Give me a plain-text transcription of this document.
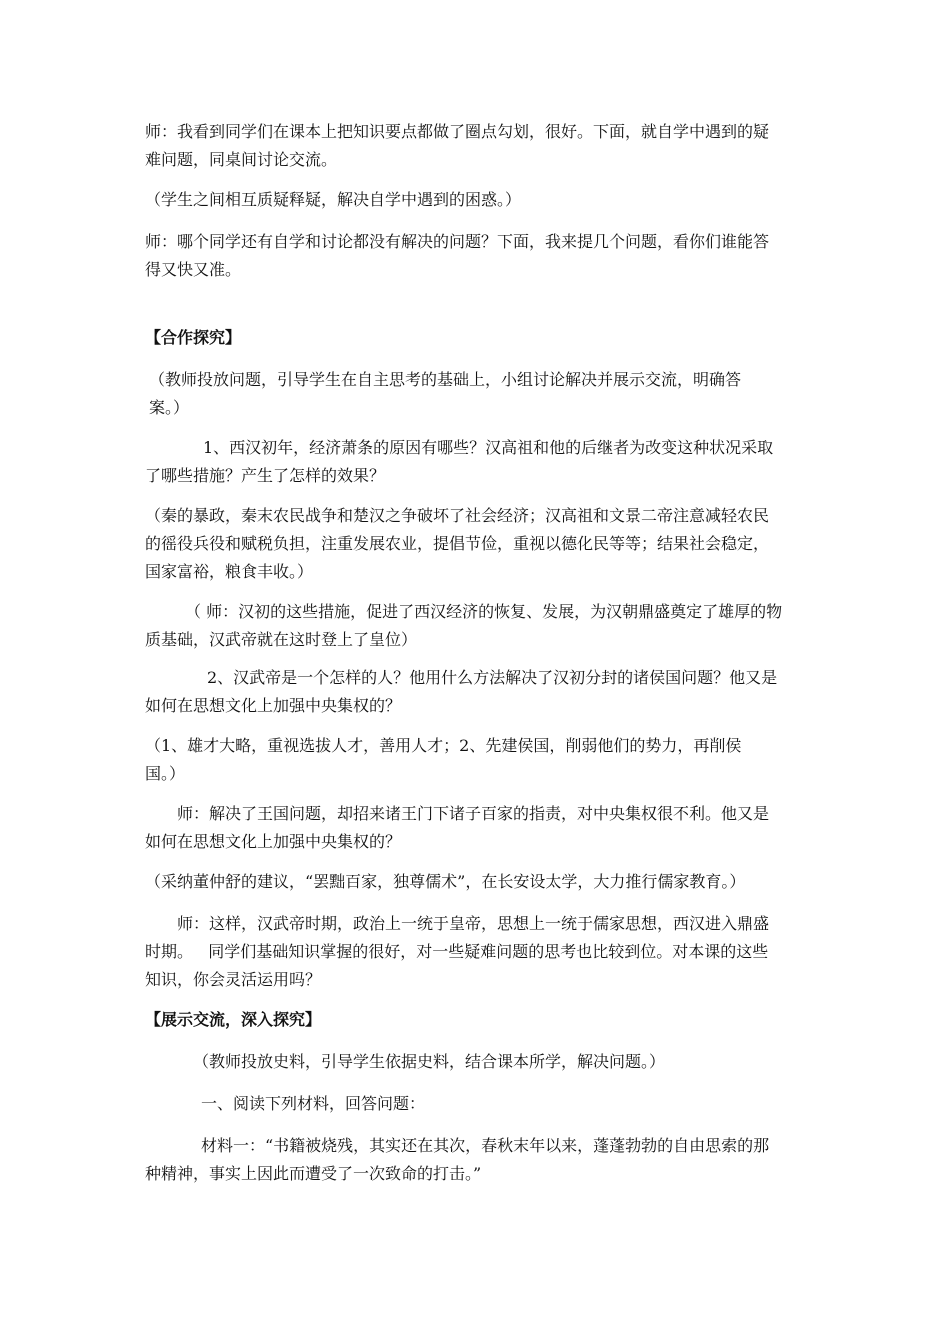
师：我看到同学们在课本上把知识要点都做了圈点勾划，很好。下面，就自学中遇到的疑
难问题，同桌间讨论交流。
（学生之间相互质疑释疑，解决自学中遇到的困惑。）
师：哪个同学还有自学和讨论都没有解决的问题？下面，我来提几个问题，看你们谁能答
得又快又准。
【合作探究】
（教师投放问题，引导学生在自主思考的基础上，小组讨论解决并展示交流，明确答
案。）
1、西汉初年，经济萧条的原因有哪些？汉高祖和他的后继者为改变这种状况采取
了哪些措施？产生了怎样的效果？
（秦的暴政，秦末农民战争和楚汉之争破坏了社会经济；汉高祖和文景二帝注意减轻农民
的徭役兵役和赋税负担，注重发展农业，提倡节俭，重视以德化民等等；结果社会稳定，
国家富裕，粮食丰收。）
（ 师：汉初的这些措施，促进了西汉经济的恢复、发展，为汉朝鼎盛奠定了雄厚的物
质基础，汉武帝就在这时登上了皇位）
2、汉武帝是一个怎样的人？他用什么方法解决了汉初分封的诸侯国问题？他又是
如何在思想文化上加强中央集权的？
（1、雄才大略，重视选拔人才，善用人才；2、先建侯国，削弱他们的势力，再削侯
国。）
师：解决了王国问题，却招来诸王门下诸子百家的指责，对中央集权很不利。他又是
如何在思想文化上加强中央集权的？
（采纳董仲舒的建议，“罢黜百家，独尊儒术”，在长安设太学，大力推行儒家教育。）
师：这样，汉武帝时期，政治上一统于皇帝，思想上一统于儒家思想，西汉进入鼎盛
时期。   同学们基础知识掌握的很好，对一些疑难问题的思考也比较到位。对本课的这些
知识，你会灵活运用吗？
【展示交流，深入探究】
（教师投放史料，引导学生依据史料，结合课本所学，解决问题。）
一、阅读下列材料，回答问题：
材料一：“书籍被烧残，其实还在其次，春秋末年以来，蓬蓬勃勃的自由思索的那
种精神，事实上因此而遭受了一次致命的打击。”
